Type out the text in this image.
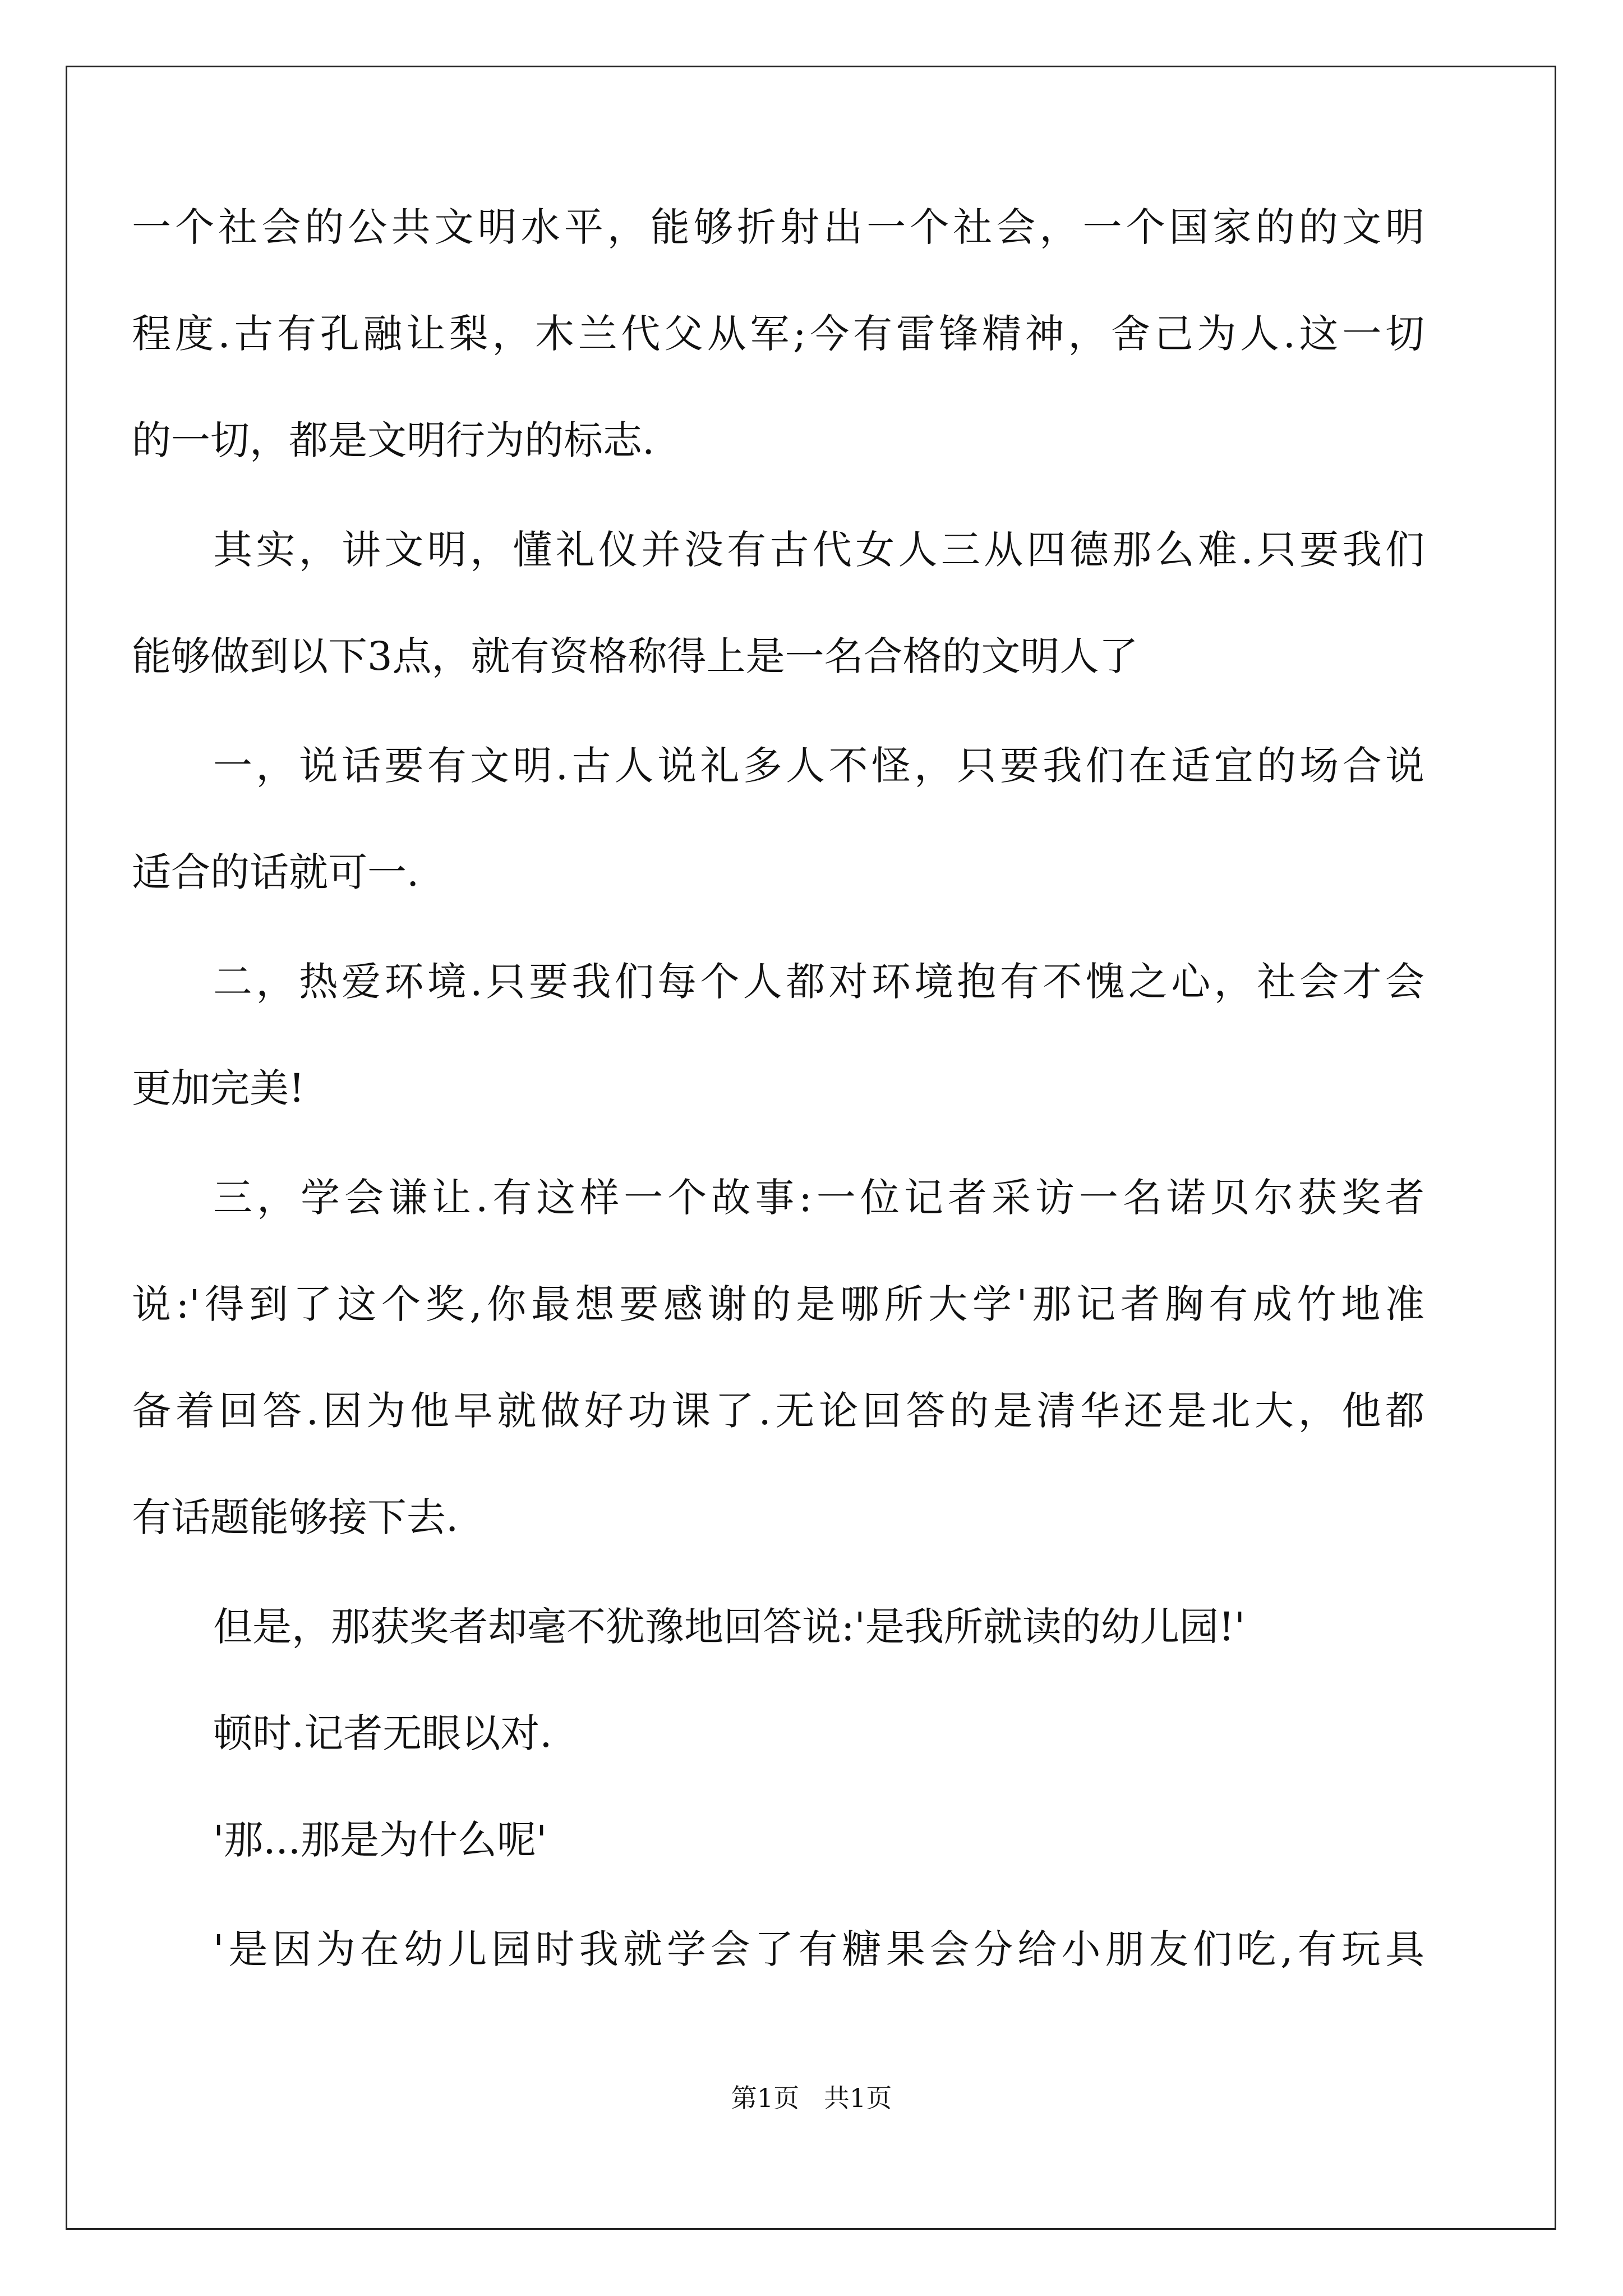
一个社会的公共文明水平，能够折射出一个社会，一个国家的的文明
程度.古有孔融让梨，木兰代父从军;今有雷锋精神，舍己为人.这一切
的一切，都是文明行为的标志.
其实，讲文明，懂礼仪并没有古代女人三从四德那么难.只要我们
能够做到以下3点，就有资格称得上是一名合格的文明人了
一，说话要有文明.古人说礼多人不怪，只要我们在适宜的场合说
适合的话就可一.
二，热爱环境.只要我们每个人都对环境抱有不愧之心，社会才会
更加完美!
三，学会谦让.有这样一个故事:一位记者采访一名诺贝尔获奖者
说:'得到了这个奖,你最想要感谢的是哪所大学'那记者胸有成竹地准
备着回答.因为他早就做好功课了.无论回答的是清华还是北大，他都
有话题能够接下去.
但是，那获奖者却毫不犹豫地回答说:'是我所就读的幼儿园!'
顿时.记者无眼以对.
'那...那是为什么呢'
'是因为在幼儿园时我就学会了有糖果会分给小朋友们吃,有玩具
第1页   共1页
